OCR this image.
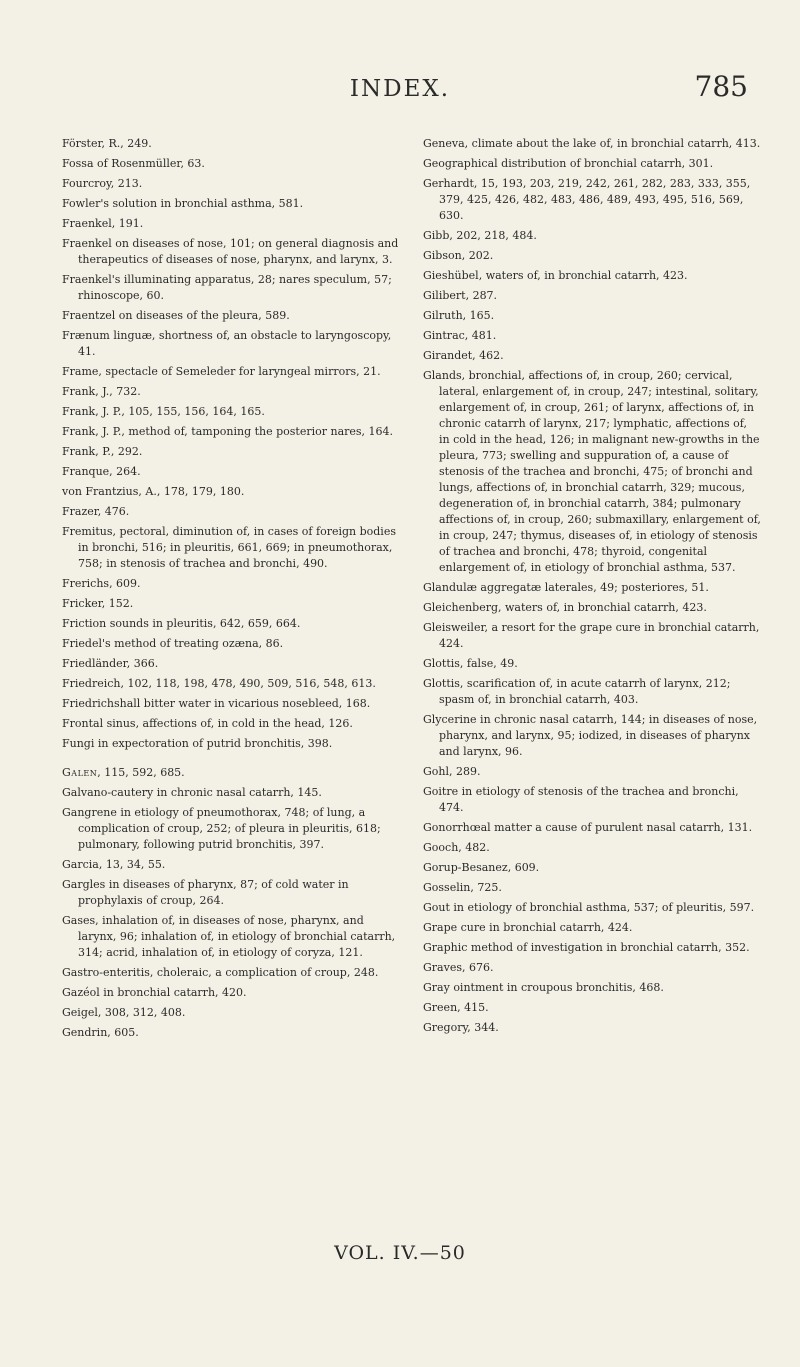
INDEX.	785
Förster, R., 249.
Fossa of Rosenmüller, 63.
Fourcroy, 213.
Fowler's solution in bronchial asthma, 581.
Fraenkel, 191.
Fraenkel on diseases of nose, 101; on general diagnosis and therapeutics of diseases of nose, pharynx, and larynx, 3.
Fraenkel's illuminating apparatus, 28; nares speculum, 57; rhinoscope, 60.
Fraentzel on diseases of the pleura, 589.
Frænum linguæ, shortness of, an obstacle to laryngoscopy, 41.
Frame, spectacle of Semeleder for laryngeal mirrors, 21.
Frank, J., 732.
Frank, J. P., 105, 155, 156, 164, 165.
Frank, J. P., method of, tamponing the posterior nares, 164.
Frank, P., 292.
Franque, 264.
von Frantzius, A., 178, 179, 180.
Frazer, 476.
Fremitus, pectoral, diminution of, in cases of foreign bodies in bronchi, 516; in pleuritis, 661, 669; in pneumothorax, 758; in stenosis of trachea and bronchi, 490.
Frerichs, 609.
Fricker, 152.
Friction sounds in pleuritis, 642, 659, 664.
Friedel's method of treating ozæna, 86.
Friedländer, 366.
Friedreich, 102, 118, 198, 478, 490, 509, 516, 548, 613.
Friedrichshall bitter water in vicarious nosebleed, 168.
Frontal sinus, affections of, in cold in the head, 126.
Fungi in expectoration of putrid bronchitis, 398.
Galen, 115, 592, 685.
Galvano-cautery in chronic nasal catarrh, 145.
Gangrene in etiology of pneumothorax, 748; of lung, a complication of croup, 252; of pleura in pleuritis, 618; pulmonary, following putrid bronchitis, 397.
Garcia, 13, 34, 55.
Gargles in diseases of pharynx, 87; of cold water in prophylaxis of croup, 264.
Gases, inhalation of, in diseases of nose, pharynx, and larynx, 96; inhalation of, in etiology of bronchial catarrh, 314; acrid, inhalation of, in etiology of coryza, 121.
Gastro-enteritis, choleraic, a complication of croup, 248.
Gazéol in bronchial catarrh, 420.
Geigel, 308, 312, 408.
Gendrin, 605.
Geneva, climate about the lake of, in bronchial catarrh, 413.
Geographical distribution of bronchial catarrh, 301.
Gerhardt, 15, 193, 203, 219, 242, 261, 282, 283, 333, 355, 379, 425, 426, 482, 483, 486, 489, 493, 495, 516, 569, 630.
Gibb, 202, 218, 484.
Gibson, 202.
Gieshübel, waters of, in bronchial catarrh, 423.
Gilibert, 287.
Gilruth, 165.
Gintrac, 481.
Girandet, 462.
Glands, bronchial, affections of, in croup, 260; cervical, lateral, enlargement of, in croup, 247; intestinal, solitary, enlargement of, in croup, 261; of larynx, affections of, in chronic catarrh of larynx, 217; lymphatic, affections of, in cold in the head, 126; in malignant new-growths in the pleura, 773; swelling and suppuration of, a cause of stenosis of the trachea and bronchi, 475; of bronchi and lungs, affections of, in bronchial catarrh, 329; mucous, degeneration of, in bronchial catarrh, 384; pulmonary affections of, in croup, 260; submaxillary, enlargement of, in croup, 247; thymus, diseases of, in etiology of stenosis of trachea and bronchi, 478; thyroid, congenital enlargement of, in etiology of bronchial asthma, 537.
Glandulæ aggregatæ laterales, 49; posteriores, 51.
Gleichenberg, waters of, in bronchial catarrh, 423.
Gleisweiler, a resort for the grape cure in bronchial catarrh, 424.
Glottis, false, 49.
Glottis, scarification of, in acute catarrh of larynx, 212; spasm of, in bronchial catarrh, 403.
Glycerine in chronic nasal catarrh, 144; in diseases of nose, pharynx, and larynx, 95; iodized, in diseases of pharynx and larynx, 96.
Gohl, 289.
Goitre in etiology of stenosis of the trachea and bronchi, 474.
Gonorrhœal matter a cause of purulent nasal catarrh, 131.
Gooch, 482.
Gorup-Besanez, 609.
Gosselin, 725.
Gout in etiology of bronchial asthma, 537; of pleuritis, 597.
Grape cure in bronchial catarrh, 424.
Graphic method of investigation in bronchial catarrh, 352.
Graves, 676.
Gray ointment in croupous bronchitis, 468.
Green, 415.
Gregory, 344.
VOL. IV.—50
